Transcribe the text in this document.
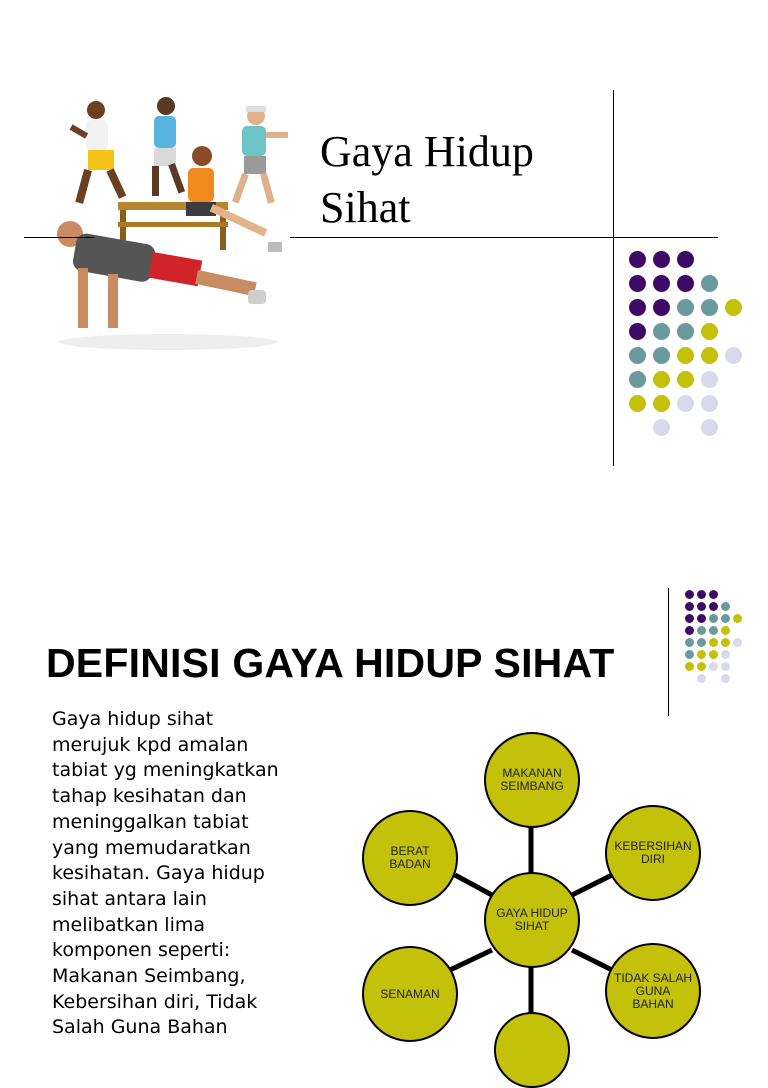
Gaya Hidup
Sihat
DEFINISI GAYA HIDUP SIHAT
Gaya hidup sihat
merujuk kpd amalan
tabiat yg meningkatkan
tahap kesihatan dan
meninggalkan tabiat
yang memudaratkan
kesihatan. Gaya hidup
sihat antara lain
melibatkan lima
komponen seperti:
Makanan Seimbang,
Kebersihan diri, Tidak
Salah Guna Bahan
MAKANAN
SEIMBANG
BERAT
BADAN
KEBERSIHAN
DIRI
GAYA HIDUP
SIHAT
SENAMAN
TIDAK SALAH
GUNA
BAHAN
